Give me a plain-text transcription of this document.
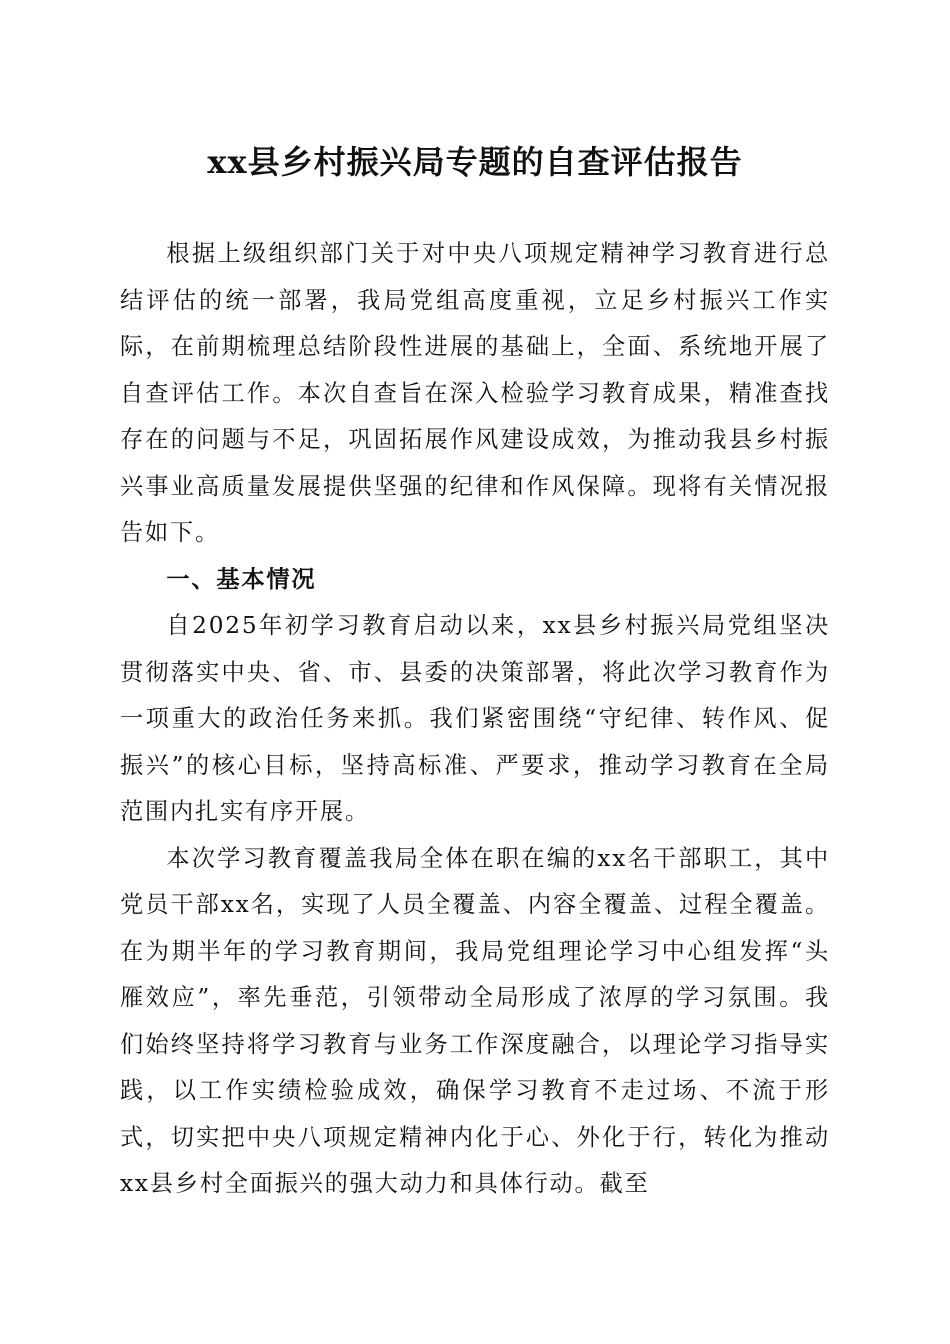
xx县乡村振兴局专题的自查评估报告

根据上级组织部门关于对中央八项规定精神学习教育进行总结评估的统一部署，我局党组高度重视，立足乡村振兴工作实际，在前期梳理总结阶段性进展的基础上，全面、系统地开展了自查评估工作。本次自查旨在深入检验学习教育成果，精准查找存在的问题与不足，巩固拓展作风建设成效，为推动我县乡村振兴事业高质量发展提供坚强的纪律和作风保障。现将有关情况报告如下。

一、基本情况

自2025年初学习教育启动以来，xx县乡村振兴局党组坚决贯彻落实中央、省、市、县委的决策部署，将此次学习教育作为一项重大的政治任务来抓。我们紧密围绕“守纪律、转作风、促振兴”的核心目标，坚持高标准、严要求，推动学习教育在全局范围内扎实有序开展。

本次学习教育覆盖我局全体在职在编的xx名干部职工，其中党员干部xx名，实现了人员全覆盖、内容全覆盖、过程全覆盖。在为期半年的学习教育期间，我局党组理论学习中心组发挥“头雁效应”，率先垂范，引领带动全局形成了浓厚的学习氛围。我们始终坚持将学习教育与业务工作深度融合，以理论学习指导实践，以工作实绩检验成效，确保学习教育不走过场、不流于形式，切实把中央八项规定精神内化于心、外化于行，转化为推动xx县乡村全面振兴的强大动力和具体行动。截至
